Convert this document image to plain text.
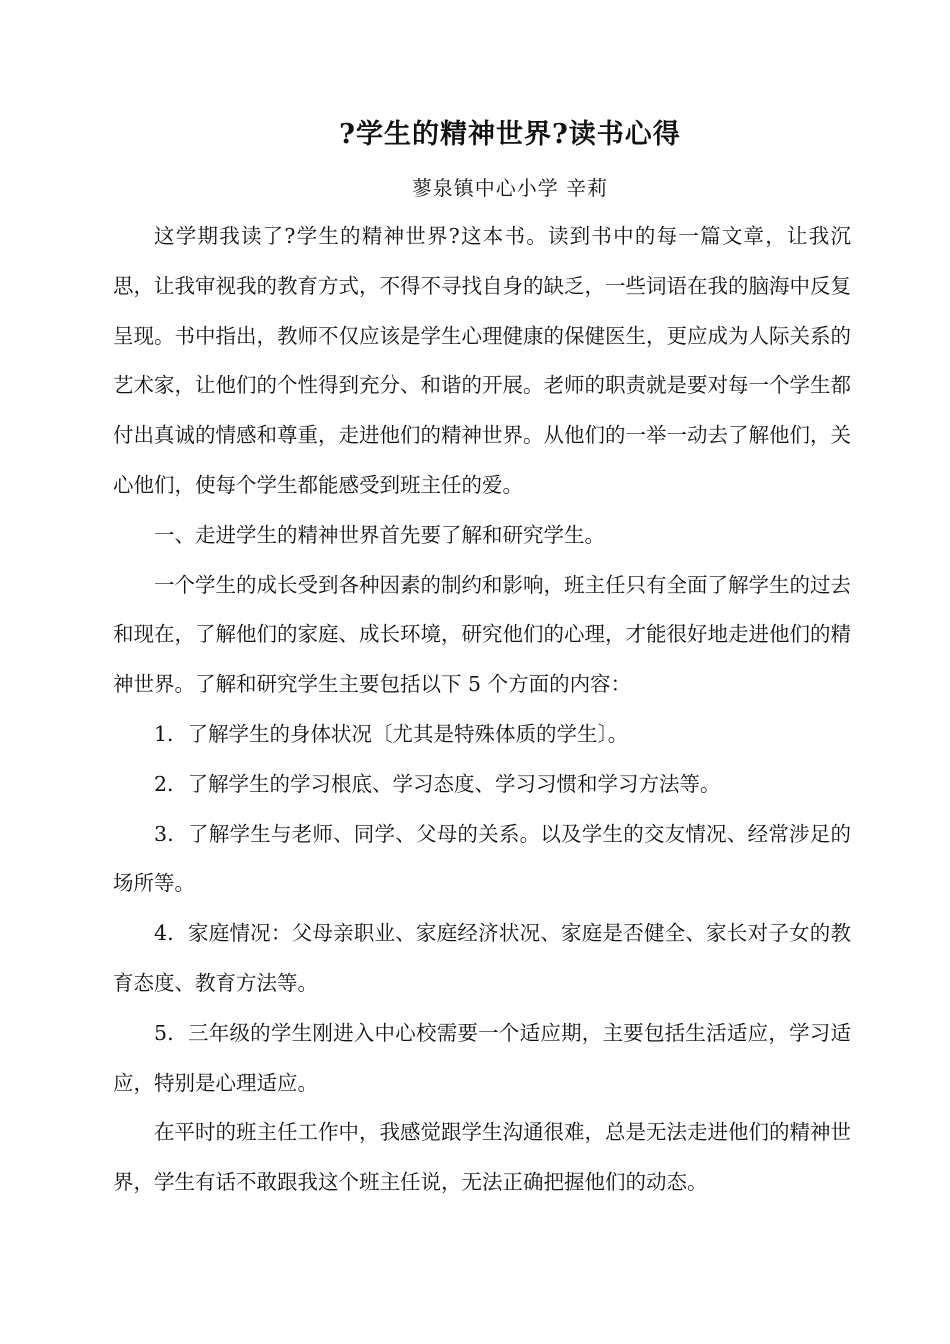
?学生的精神世界?读书心得
蓼泉镇中心小学 辛莉

这学期我读了?学生的精神世界?这本书。读到书中的每一篇文章，让我沉思，让我审视我的教育方式，不得不寻找自身的缺乏，一些词语在我的脑海中反复呈现。书中指出，教师不仅应该是学生心理健康的保健医生，更应成为人际关系的艺术家，让他们的个性得到充分、和谐的开展。老师的职责就是要对每一个学生都付出真诚的情感和尊重，走进他们的精神世界。从他们的一举一动去了解他们，关心他们，使每个学生都能感受到班主任的爱。

一、走进学生的精神世界首先要了解和研究学生。

一个学生的成长受到各种因素的制约和影响，班主任只有全面了解学生的过去和现在，了解他们的家庭、成长环境，研究他们的心理，才能很好地走进他们的精神世界。了解和研究学生主要包括以下 5 个方面的内容：

1．了解学生的身体状况〔尤其是特殊体质的学生〕。

2．了解学生的学习根底、学习态度、学习习惯和学习方法等。

3．了解学生与老师、同学、父母的关系。以及学生的交友情况、经常涉足的场所等。

4．家庭情况：父母亲职业、家庭经济状况、家庭是否健全、家长对子女的教育态度、教育方法等。

5．三年级的学生刚进入中心校需要一个适应期，主要包括生活适应，学习适应，特别是心理适应。

在平时的班主任工作中，我感觉跟学生沟通很难，总是无法走进他们的精神世界，学生有话不敢跟我这个班主任说，无法正确把握他们的动态。
